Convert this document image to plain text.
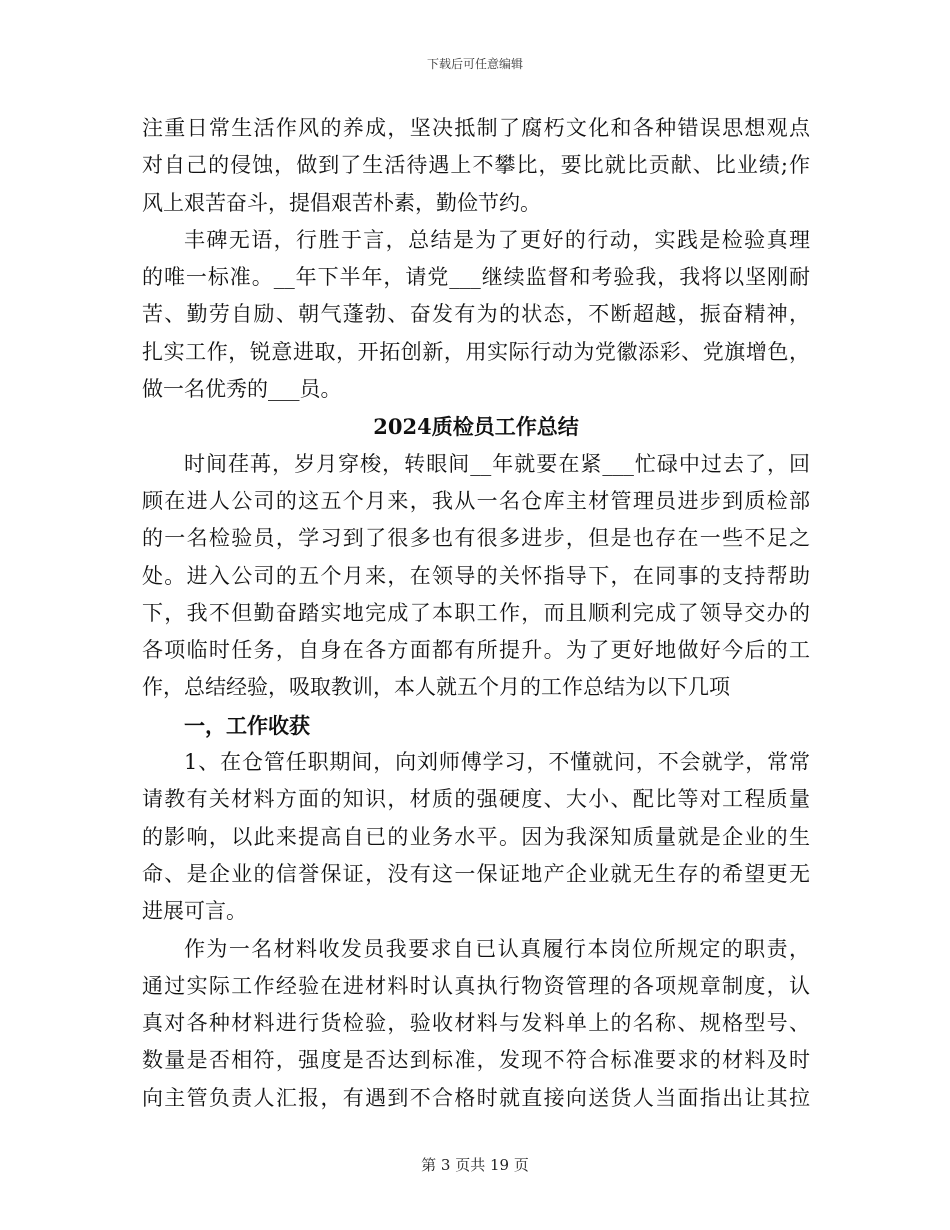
下载后可任意编辑
注重日常生活作风的养成，坚决抵制了腐朽文化和各种错误思想观点
对自己的侵蚀，做到了生活待遇上不攀比，要比就比贡献、比业绩;作
风上艰苦奋斗，提倡艰苦朴素，勤俭节约。
丰碑无语，行胜于言，总结是为了更好的行动，实践是检验真理
的唯一标准。__年下半年，请党___继续监督和考验我，我将以坚刚耐
苦、勤劳自励、朝气蓬勃、奋发有为的状态，不断超越，振奋精神，
扎实工作，锐意进取，开拓创新，用实际行动为党徽添彩、党旗增色，
做一名优秀的___员。
2024质检员工作总结
时间荏苒，岁月穿梭，转眼间__年就要在紧___忙碌中过去了，回
顾在进人公司的这五个月来，我从一名仓库主材管理员进步到质检部
的一名检验员，学习到了很多也有很多进步，但是也存在一些不足之
处。进入公司的五个月来，在领导的关怀指导下，在同事的支持帮助
下，我不但勤奋踏实地完成了本职工作，而且顺利完成了领导交办的
各项临时任务，自身在各方面都有所提升。为了更好地做好今后的工
作，总结经验，吸取教训，本人就五个月的工作总结为以下几项
一，工作收获
1、在仓管任职期间，向刘师傅学习，不懂就问，不会就学，常常
请教有关材料方面的知识，材质的强硬度、大小、配比等对工程质量
的影响，以此来提高自已的业务水平。因为我深知质量就是企业的生
命、是企业的信誉保证，没有这一保证地产企业就无生存的希望更无
进展可言。
作为一名材料收发员我要求自已认真履行本岗位所规定的职责，
通过实际工作经验在进材料时认真执行物资管理的各项规章制度，认
真对各种材料进行货检验，验收材料与发料单上的名称、规格型号、
数量是否相符，强度是否达到标准，发现不符合标准要求的材料及时
向主管负责人汇报，有遇到不合格时就直接向送货人当面指出让其拉
第 3 页共 19 页
